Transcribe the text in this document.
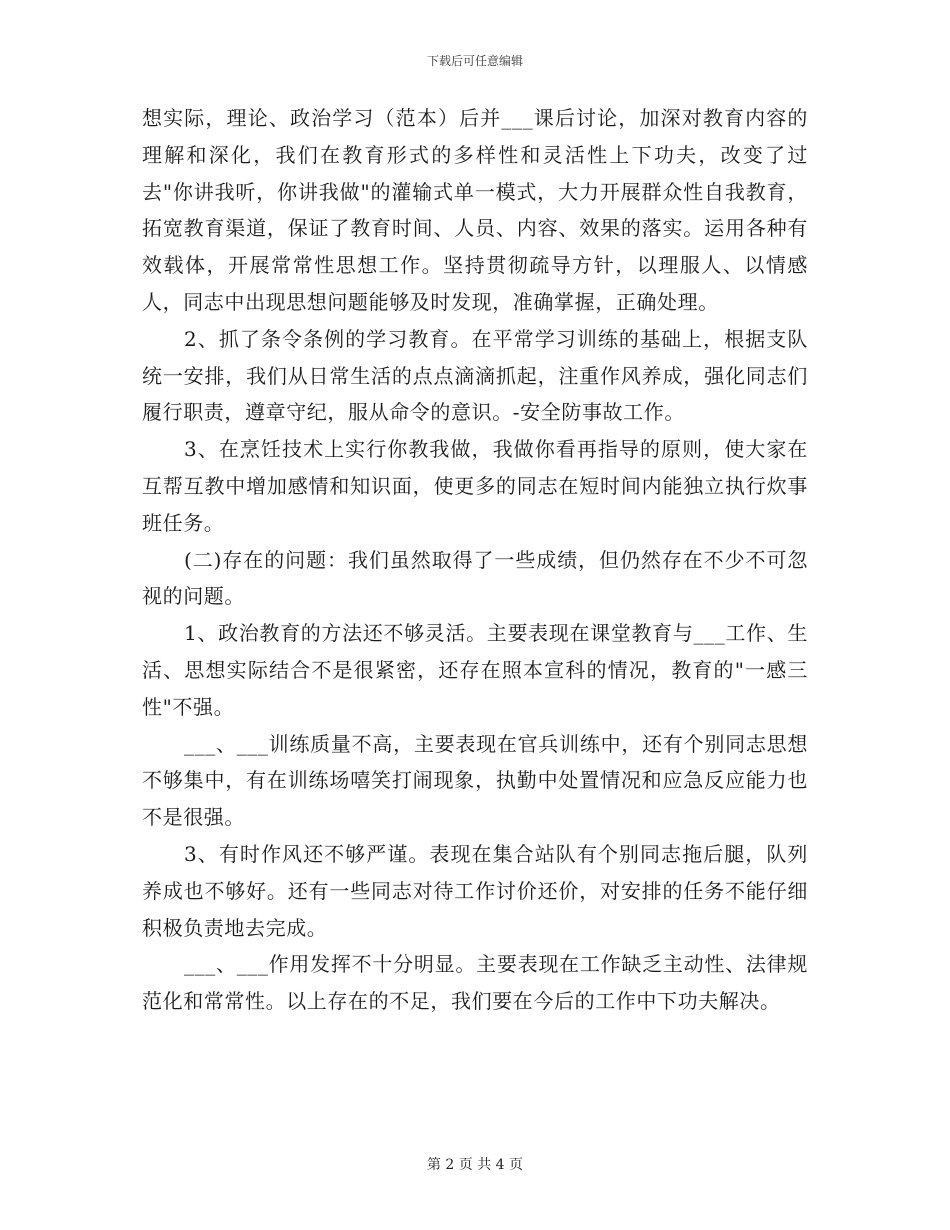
下载后可任意编辑

想实际，理论、政治学习（范本）后并___课后讨论，加深对教育内容的理解和深化，我们在教育形式的多样性和灵活性上下功夫，改变了过去"你讲我听，你讲我做"的灌输式单一模式，大力开展群众性自我教育，拓宽教育渠道，保证了教育时间、人员、内容、效果的落实。运用各种有效载体，开展常常性思想工作。坚持贯彻疏导方针，以理服人、以情感人，同志中出现思想问题能够及时发现，准确掌握，正确处理。

2、抓了条令条例的学习教育。在平常学习训练的基础上，根据支队统一安排，我们从日常生活的点点滴滴抓起，注重作风养成，强化同志们履行职责，遵章守纪，服从命令的意识。-安全防事故工作。

3、在烹饪技术上实行你教我做，我做你看再指导的原则，使大家在互帮互教中增加感情和知识面，使更多的同志在短时间内能独立执行炊事班任务。

(二)存在的问题：我们虽然取得了一些成绩，但仍然存在不少不可忽视的问题。

1、政治教育的方法还不够灵活。主要表现在课堂教育与___工作、生活、思想实际结合不是很紧密，还存在照本宣科的情况，教育的"一感三性"不强。

___、___训练质量不高，主要表现在官兵训练中，还有个别同志思想不够集中，有在训练场嘻笑打闹现象，执勤中处置情况和应急反应能力也不是很强。

3、有时作风还不够严谨。表现在集合站队有个别同志拖后腿，队列养成也不够好。还有一些同志对待工作讨价还价，对安排的任务不能仔细积极负责地去完成。

___、___作用发挥不十分明显。主要表现在工作缺乏主动性、法律规范化和常常性。以上存在的不足，我们要在今后的工作中下功夫解决。

第 2 页 共 4 页
